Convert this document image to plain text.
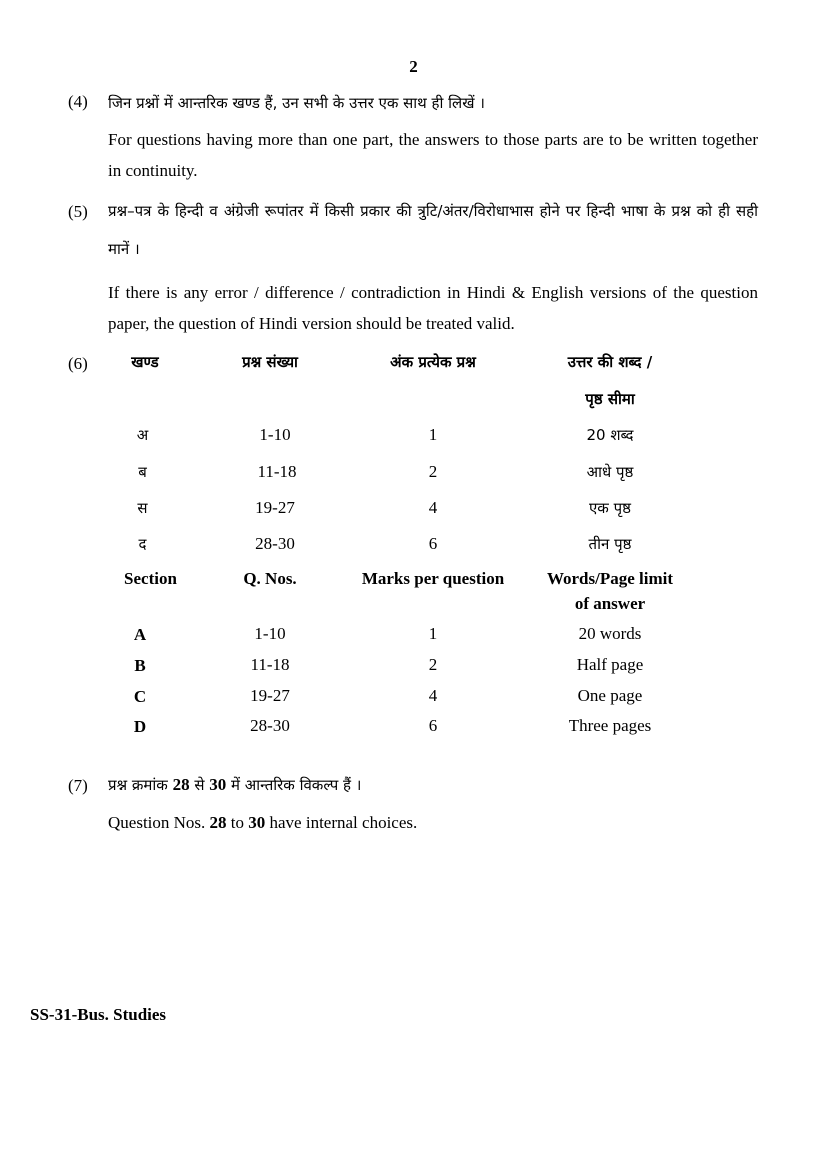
2
(4) जिन प्रश्नों में आन्तरिक खण्ड हैं, उन सभी के उत्तर एक साथ ही लिखें ।
For questions having more than one part, the answers to those parts are to be written together in continuity.
(5) प्रश्न–पत्र के हिन्दी व अंग्रेजी रूपांतर में किसी प्रकार की त्रुटि/अंतर/विरोधाभास होने पर हिन्दी भाषा के प्रश्न को ही सही मानें ।
If there is any error / difference / contradiction in Hindi & English versions of the question paper, the question of Hindi version should be treated valid.
(6)	खण्ड	प्रश्न संख्या	अंक प्रत्येक प्रश्न	उत्तर की शब्द /
पृष्ठ सीमा
अ	1-10	1	20 शब्द
ब	11-18	2	आधे पृष्ठ
स	19-27	4	एक पृष्ठ
द	28-30	6	तीन पृष्ठ
Section	Q. Nos.	Marks per question	Words/Page limit
of answer
A	1-10	1	20 words
B	11-18	2	Half page
C	19-27	4	One page
D	28-30	6	Three pages
(7) प्रश्न क्रमांक 28 से 30 में आन्तरिक विकल्प हैं ।
Question Nos. 28 to 30 have internal choices.
SS-31-Bus. Studies
